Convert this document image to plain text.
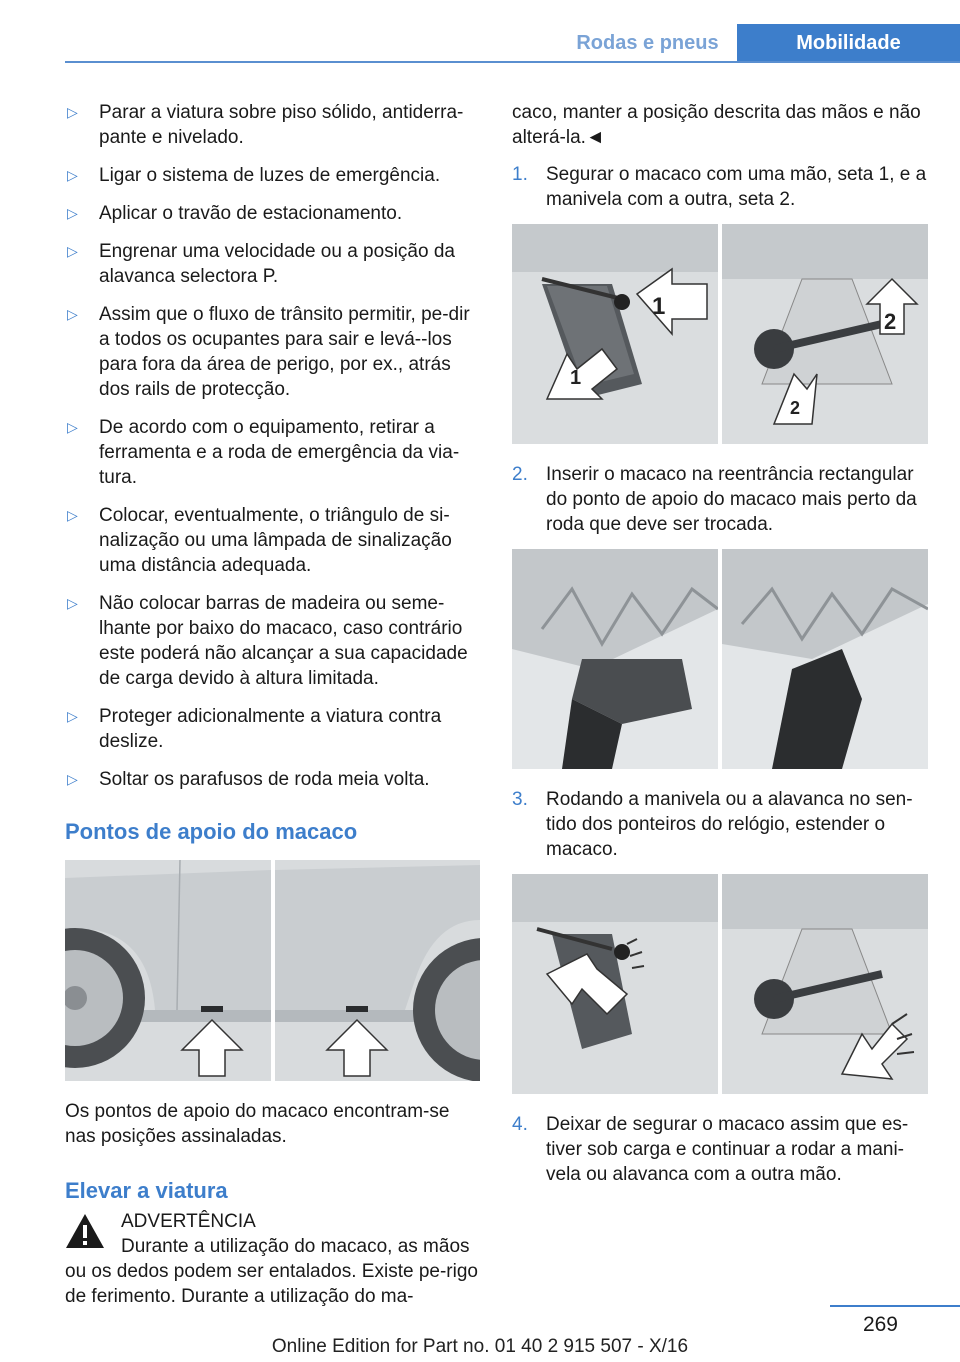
Rodas e pneus	Mobilidade
▷ Parar a viatura sobre piso sólido, antiderra-pante e nivelado.
▷ Ligar o sistema de luzes de emergência.
▷ Aplicar o travão de estacionamento.
▷ Engrenar uma velocidade ou a posição da alavanca selectora P.
▷ Assim que o fluxo de trânsito permitir, pe-dir a todos os ocupantes para sair e levá--los para fora da área de perigo, por ex., atrás dos rails de protecção.
▷ De acordo com o equipamento, retirar a ferramenta e a roda de emergência da via-tura.
▷ Colocar, eventualmente, o triângulo de si-nalização ou uma lâmpada de sinalização uma distância adequada.
▷ Não colocar barras de madeira ou seme-lhante por baixo do macaco, caso contrário este poderá não alcançar a sua capacidade de carga devido à altura limitada.
▷ Proteger adicionalmente a viatura contra deslize.
▷ Soltar os parafusos de roda meia volta.
Pontos de apoio do macaco

Os pontos de apoio do macaco encontram-se nas posições assinaladas.

Elevar a viatura
ADVERTÊNCIA
Durante a utilização do macaco, as mãos
ou os dedos podem ser entalados. Existe pe-rigo de ferimento. Durante a utilização do ma-

caco, manter a posição descrita das mãos e não alterá-la.◄

1. Segurar o macaco com uma mão, seta 1, e a manivela com a outra, seta 2.
1
1
2
2
2. Inserir o macaco na reentrância rectangular do ponto de apoio do macaco mais perto da roda que deve ser trocada.
3. Rodando a manivela ou a alavanca no sen-tido dos ponteiros do relógio, estender o macaco.
4. Deixar de segurar o macaco assim que es-tiver sob carga e continuar a rodar a mani-vela ou alavanca com a outra mão.
269
Online Edition for Part no. 01 40 2 915 507 - X/16
